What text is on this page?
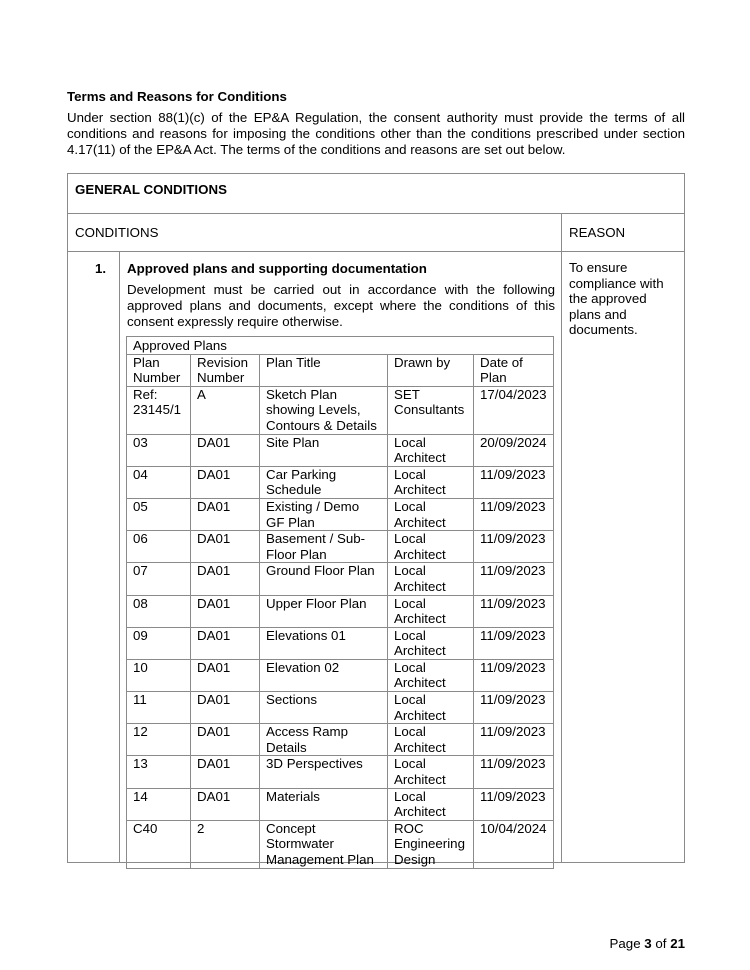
Terms and Reasons for Conditions
Under section 88(1)(c) of the EP&A Regulation, the consent authority must provide the terms of all conditions and reasons for imposing the conditions other than the conditions prescribed under section 4.17(11) of the EP&A Act. The terms of the conditions and reasons are set out below.
GENERAL CONDITIONS
CONDITIONS	REASON
1. Approved plans and supporting documentation
Development must be carried out in accordance with the following approved plans and documents, except where the conditions of this consent expressly require otherwise.
To ensure compliance with the approved plans and documents.
Approved Plans				
Plan Number	Revision Number	Plan Title	Drawn by	Date of Plan
Ref: 23145/1	A	Sketch Plan showing Levels, Contours & Details	SET Consultants	17/04/2023
03	DA01	Site Plan	Local Architect	20/09/2024
04	DA01	Car Parking Schedule	Local Architect	11/09/2023
05	DA01	Existing / Demo GF Plan	Local Architect	11/09/2023
06	DA01	Basement / Sub-Floor Plan	Local Architect	11/09/2023
07	DA01	Ground Floor Plan	Local Architect	11/09/2023
08	DA01	Upper Floor Plan	Local Architect	11/09/2023
09	DA01	Elevations 01	Local Architect	11/09/2023
10	DA01	Elevation 02	Local Architect	11/09/2023
11	DA01	Sections	Local Architect	11/09/2023
12	DA01	Access Ramp Details	Local Architect	11/09/2023
13	DA01	3D Perspectives	Local Architect	11/09/2023
14	DA01	Materials	Local Architect	11/09/2023
C40	2	Concept Stormwater Management Plan	ROC Engineering Design	10/04/2024
Page 3 of 21
